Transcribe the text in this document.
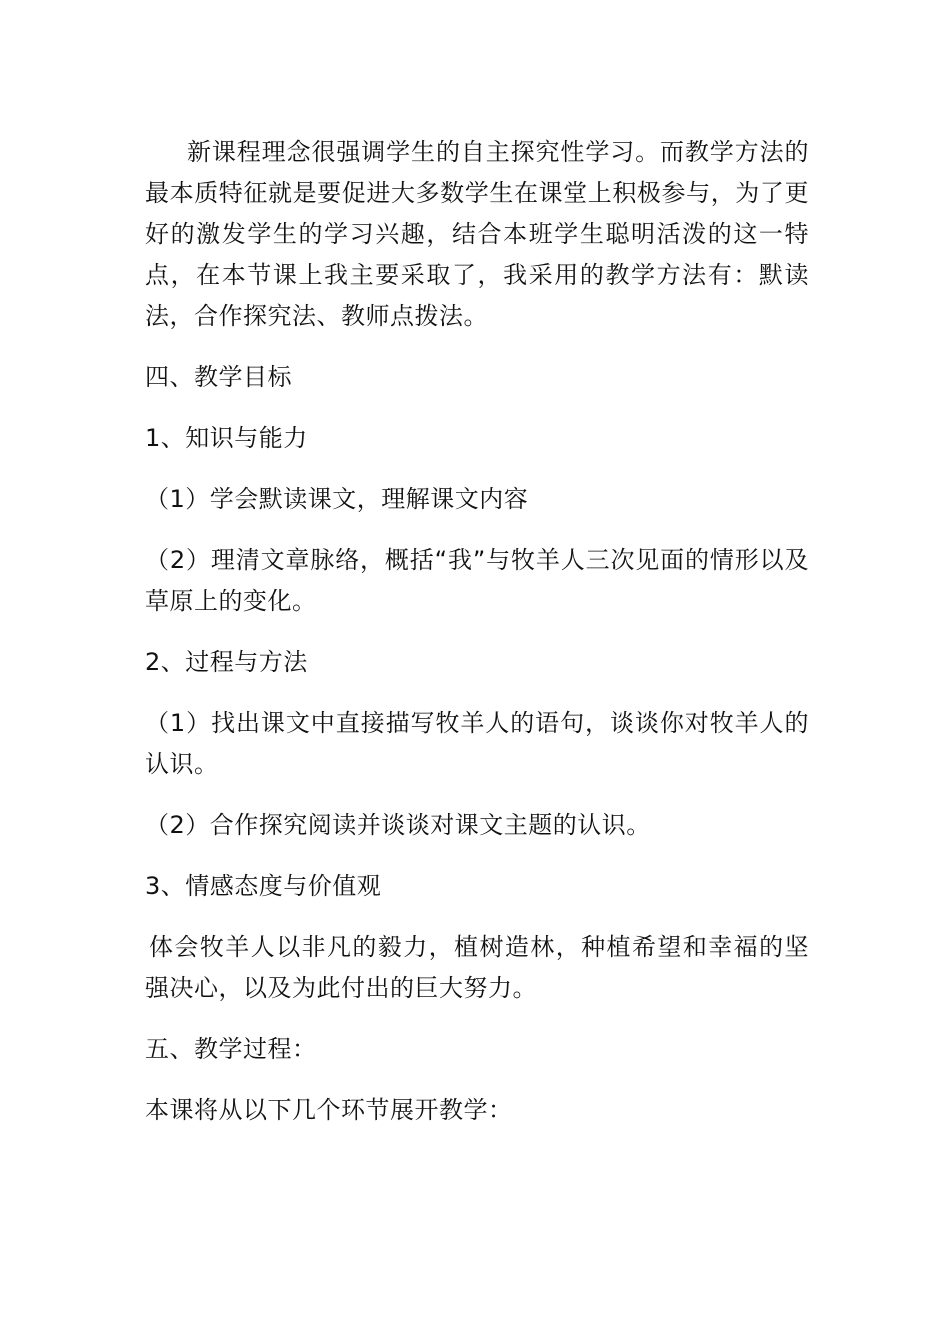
新课程理念很强调学生的自主探究性学习。而教学方法的最本质特征就是要促进大多数学生在课堂上积极参与，为了更好的激发学生的学习兴趣，结合本班学生聪明活泼的这一特点，在本节课上我主要采取了，我采用的教学方法有：默读法，合作探究法、教师点拨法。

四、教学目标

1、知识与能力

（1）学会默读课文，理解课文内容

（2）理清文章脉络，概括“我”与牧羊人三次见面的情形以及草原上的变化。

2、过程与方法

（1）找出课文中直接描写牧羊人的语句，谈谈你对牧羊人的认识。

（2）合作探究阅读并谈谈对课文主题的认识。

3、情感态度与价值观

体会牧羊人以非凡的毅力，植树造林，种植希望和幸福的坚强决心，以及为此付出的巨大努力。

五、教学过程：

本课将从以下几个环节展开教学：
